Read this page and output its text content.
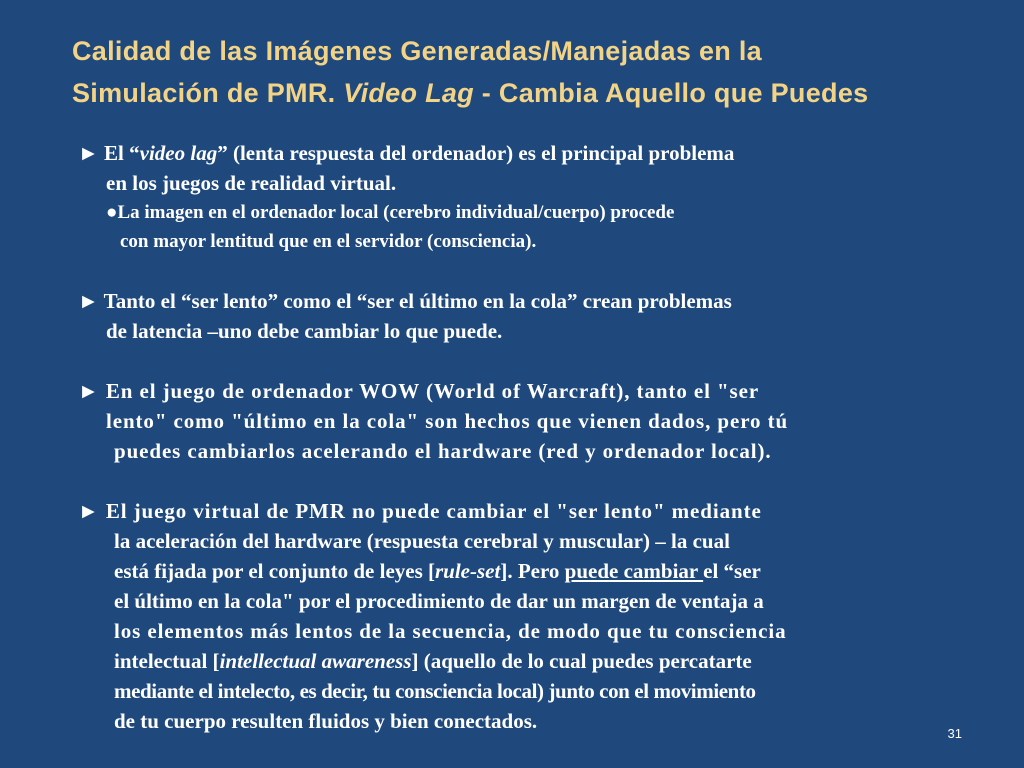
Calidad de las Imágenes Generadas/Manejadas en la
Simulación de PMR. Video Lag - Cambia Aquello que Puedes
► El “video lag” (lenta respuesta del ordenador) es el principal problema
en los juegos de realidad virtual.
●La imagen en el ordenador local (cerebro individual/cuerpo) procede
con mayor lentitud que en el servidor (consciencia).
► Tanto el “ser lento” como el “ser el último en la cola” crean problemas
de latencia –uno debe cambiar lo que puede.
► En el juego de ordenador WOW (World of Warcraft), tanto el "ser
lento" como "último en la cola" son hechos que vienen dados, pero tú
puedes cambiarlos acelerando el hardware (red y ordenador local).
► El juego virtual de PMR no puede cambiar el "ser lento" mediante
la aceleración del hardware (respuesta cerebral y muscular) – la cual
está fijada por el conjunto de leyes [rule-set]. Pero puede cambiar el “ser
el último en la cola" por el procedimiento de dar un margen de ventaja a
los elementos más lentos de la secuencia, de modo que tu consciencia
intelectual [intellectual awareness] (aquello de lo cual puedes percatarte
mediante el intelecto, es decir, tu consciencia local) junto con el movimiento
de tu cuerpo resulten fluidos y bien conectados.
31
